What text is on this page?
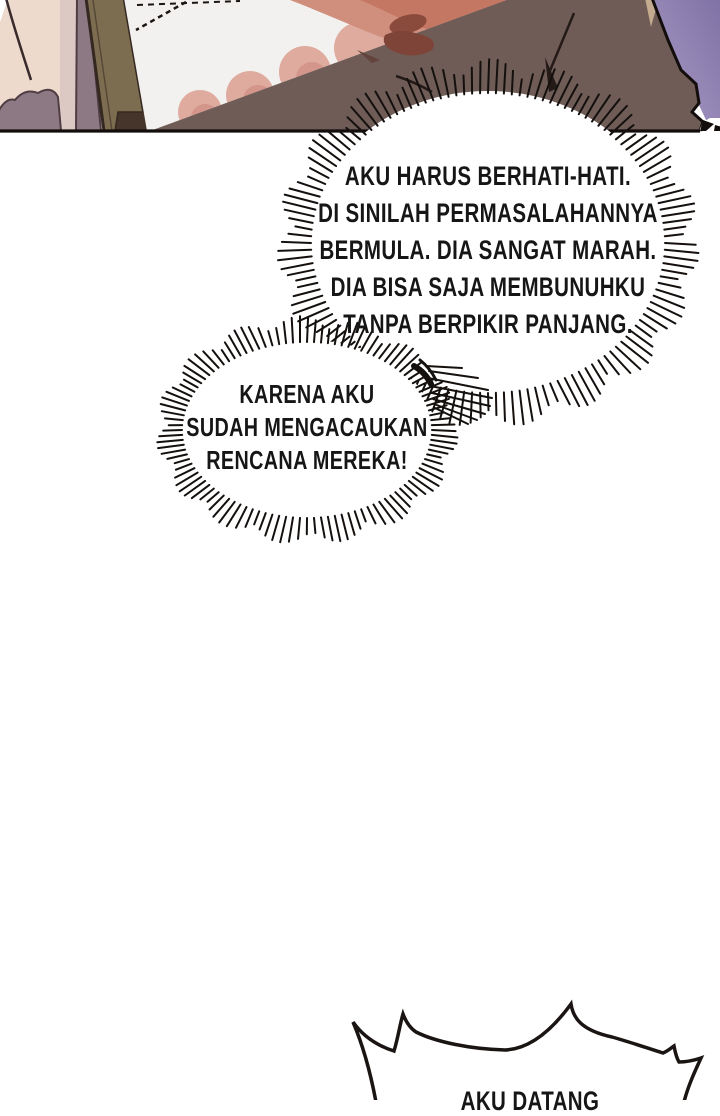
AKU HARUS BERHATI-HATI.
DI SINILAH PERMASALAHANNYA
BERMULA. DIA SANGAT MARAH.
DIA BISA SAJA MEMBUNUHKU
TANPA BERPIKIR PANJANG.
KARENA AKU
SUDAH MENGACAUKAN
RENCANA MEREKA!
AKU DATANG
